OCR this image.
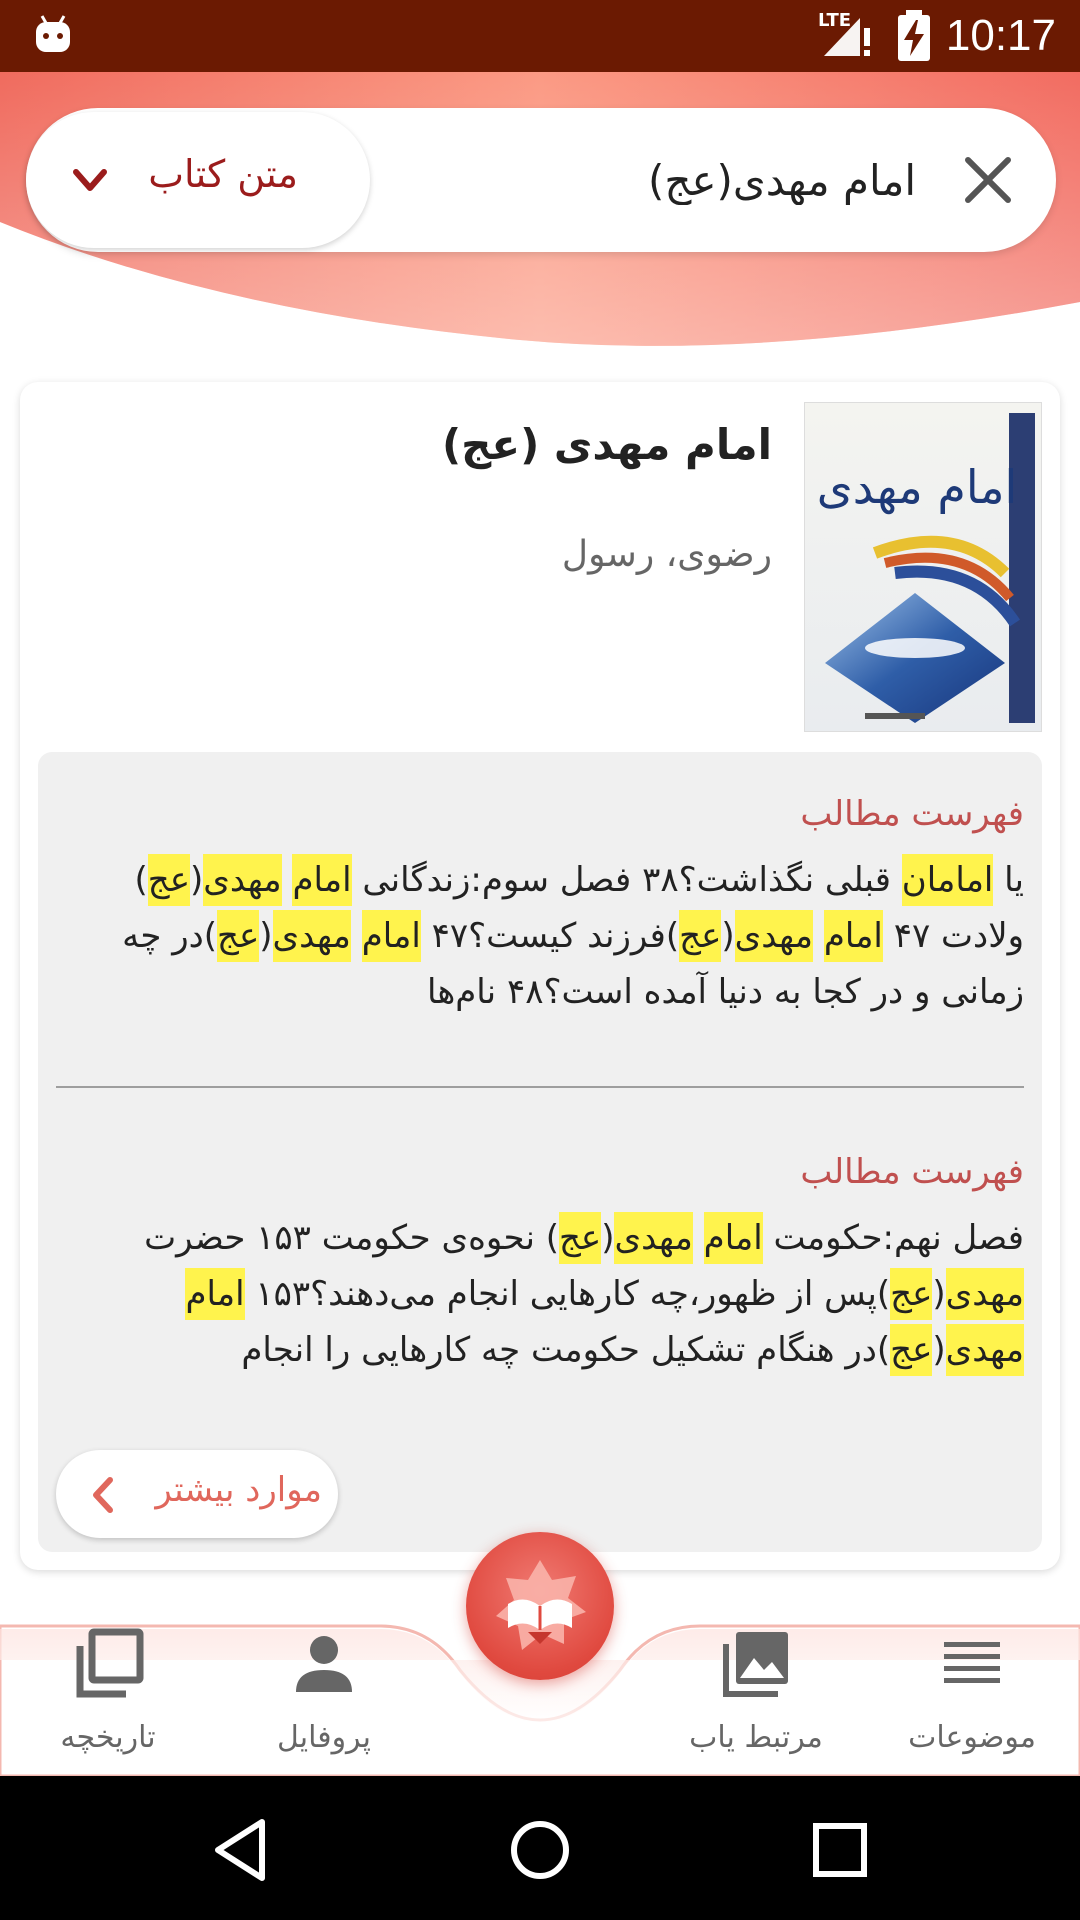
LTE 10:17
امام مهدی(عج)
متن کتاب
امام مهدی
امام مهدی (عج)
رضوی، رسول
فهرست مطالب
یا امامان قبلی نگذاشت؟۳۸ فصل سوم:زندگانی امام مهدی(عج) ولادت ۴۷ امام مهدی(عج)فرزند کیست؟۴۷ امام مهدی(عج)در چه زمانی و در کجا به دنیا آمده است؟۴۸ نام‌ها
فهرست مطالب
فصل نهم:حکومت امام مهدی(عج) نحوه‌ی حکومت ۱۵۳ حضرت مهدی(عج)پس از ظهور،چه کارهایی انجام می‌دهند؟۱۵۳ امام مهدی(عج)در هنگام تشکیل حکومت چه کارهایی را انجام
موارد بیشتر
تاریخچه	پروفایل	مرتبط یاب	موضوعات
